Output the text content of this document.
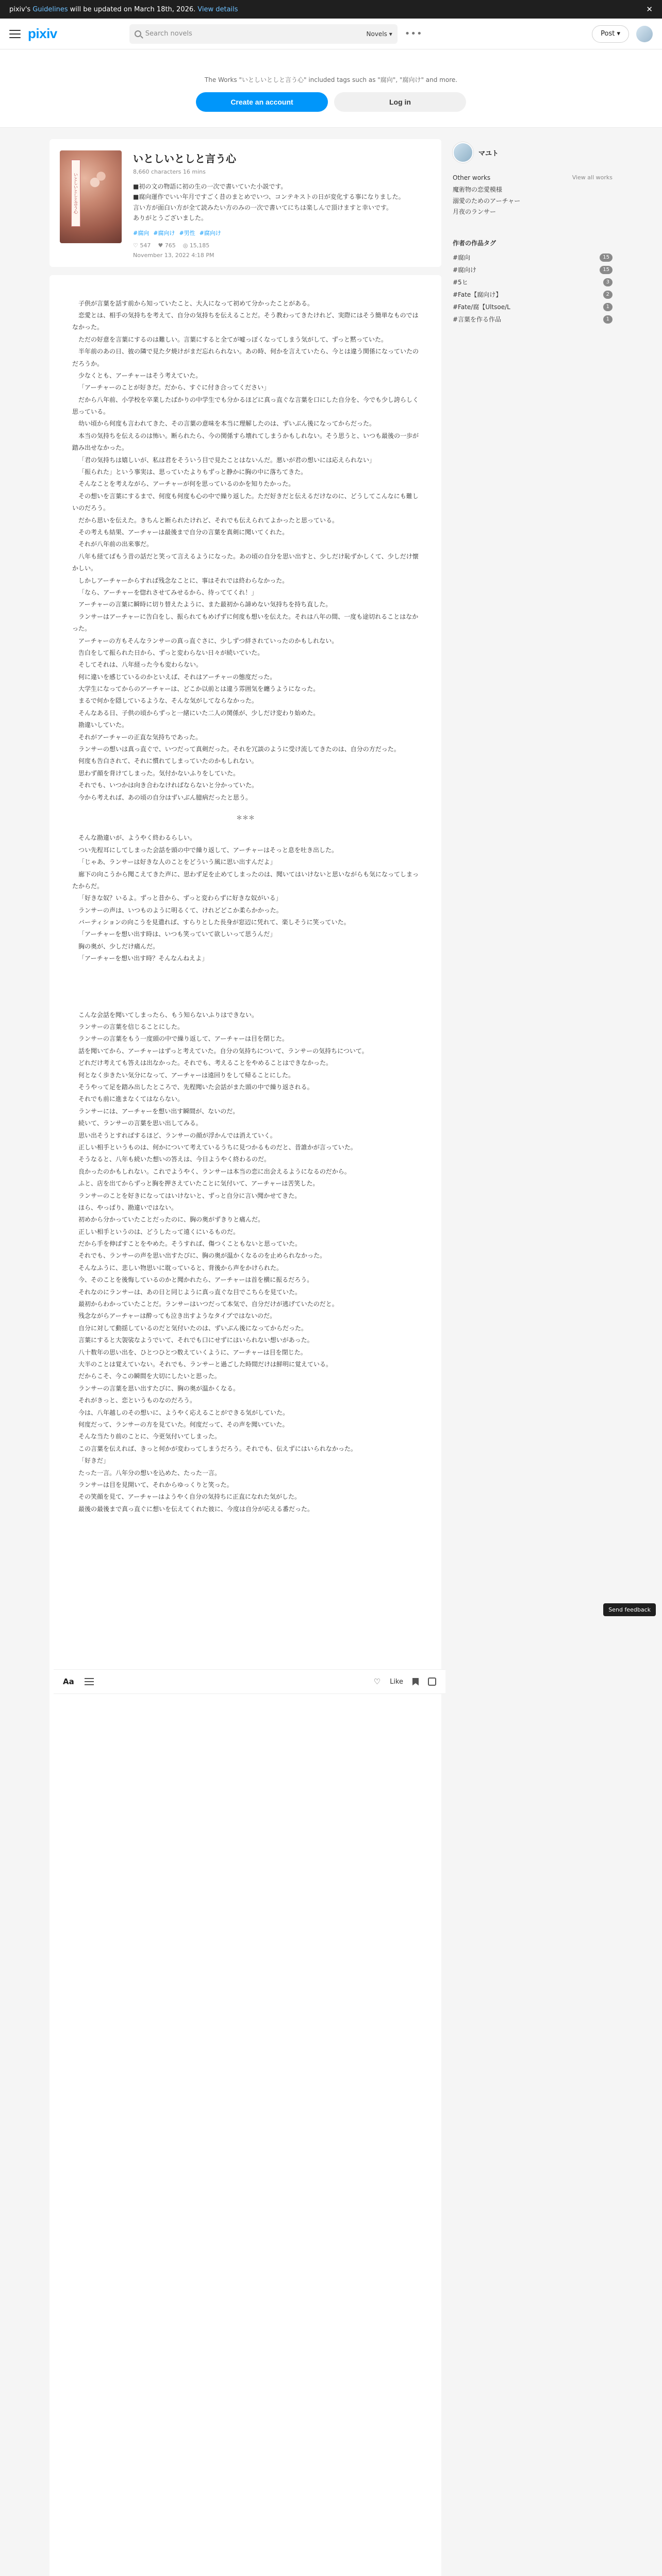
pixiv's Guidelines will be updated on March 18th, 2026. View details	✕
pixiv	Search novels	Novels ▾ •••	Post ▾
The Works "いとしいとしと言う心" included tags such as "腐向", "腐向け" and more.
Create an account	Log in
いとしいとしと言う心
いとしいとしと言う心
8,660 characters 16 mins
■初の文の物語に初の生の一次で書いていた小説です。
■腐向運作でいい年月ですごく昔のまとめでいつ、コンテキストの日が変化する事になりました。
言い方が面白い方が全て読みたい方のみの一次で書いてにちは楽しんで頂けますと幸いです。
ありがとうございました。
#腐向 #腐向け #男性 #腐向け
♡ 547 ♥ 765 ◎ 15,185
November 13, 2022 4:18 PM

子供が言葉を話す前から知っていたこと、大人になって初めて分かったことがある。

恋愛とは、相手の気持ちを考えて、自分の気持ちを伝えることだ。そう教わってきたけれど、実際にはそう簡単なものではなかった。

ただの好意を言葉にするのは難しい。言葉にすると全てが嘘っぽくなってしまう気がして、ずっと黙っていた。

半年前のあの日、彼の隣で見た夕焼けがまだ忘れられない。あの時、何かを言えていたら、今とは違う関係になっていたのだろうか。

少なくとも、アーチャーはそう考えていた。

「アーチャーのことが好きだ。だから、すぐに付き合ってください」

だから八年前、小学校を卒業したばかりの中学生でも分かるほどに真っ直ぐな言葉を口にした自分を、今でも少し誇らしく思っている。

幼い頃から何度も言われてきた、その言葉の意味を本当に理解したのは、ずいぶん後になってからだった。

本当の気持ちを伝えるのは怖い。断られたら、今の関係すら壊れてしまうかもしれない。そう思うと、いつも最後の一歩が踏み出せなかった。

「君の気持ちは嬉しいが、私は君をそういう目で見たことはないんだ。悪いが君の想いには応えられない」

「振られた」という事実は、思っていたよりもずっと静かに胸の中に落ちてきた。

そんなことを考えながら、アーチャーが何を思っているのかを知りたかった。

その想いを言葉にするまで、何度も何度も心の中で繰り返した。ただ好きだと伝えるだけなのに、どうしてこんなにも難しいのだろう。

だから思いを伝えた。きちんと断られたけれど、それでも伝えられてよかったと思っている。

その考えも結果、アーチャーは最後まで自分の言葉を真剣に聞いてくれた。

それが八年前の出来事だ。

八年も経てばもう昔の話だと笑って言えるようになった。あの頃の自分を思い出すと、少しだけ恥ずかしくて、少しだけ懐かしい。

しかしアーチャーからすれば残念なことに、事はそれでは終わらなかった。

「なら、アーチャーを惚れさせてみせるから、待っててくれ！」

アーチャーの言葉に瞬時に切り替えたように、また最初から諦めない気持ちを持ち直した。

ランサーはアーチャーに告白をし、振られてもめげずに何度も想いを伝えた。それは八年の間、一度も途切れることはなかった。

アーチャーの方もそんなランサーの真っ直ぐさに、少しずつ絆されていったのかもしれない。

告白をして振られた日から、ずっと変わらない日々が続いていた。

そしてそれは、八年経った今も変わらない。

何に違いを感じているのかといえば、それはアーチャーの態度だった。

大学生になってからのアーチャーは、どこか以前とは違う雰囲気を纏うようになった。

まるで何かを隠しているような、そんな気がしてならなかった。

そんなある日、子供の頃からずっと一緒にいた二人の関係が、少しだけ変わり始めた。

勘違いしていた。

それがアーチャーの正直な気持ちであった。

ランサーの想いは真っ直ぐで、いつだって真剣だった。それを冗談のように受け流してきたのは、自分の方だった。

何度も告白されて、それに慣れてしまっていたのかもしれない。

思わず顔を背けてしまった。気付かないふりをしていた。

それでも、いつかは向き合わなければならないと分かっていた。

今から考えれば、あの頃の自分はずいぶん臆病だったと思う。

＊＊＊

そんな勘違いが、ようやく終わるらしい。

つい先程耳にしてしまった会話を頭の中で繰り返して、アーチャーはそっと息を吐き出した。

「じゃあ、ランサーは好きな人のことをどういう風に思い出すんだよ」

廊下の向こうから聞こえてきた声に、思わず足を止めてしまったのは、聞いてはいけないと思いながらも気になってしまったからだ。

「好きな奴？いるよ。ずっと昔から、ずっと変わらずに好きな奴がいる」

ランサーの声は、いつものように明るくて、けれどどこか柔らかかった。

バーティションの向こうを見遣れば、すらりとした長身が窓辺に凭れて、楽しそうに笑っていた。

「アーチャーを想い出す時は、いつも笑っていて欲しいって思うんだ」

胸の奥が、少しだけ痛んだ。

「アーチャーを想い出す時？そんなんねえよ」

こんな会話を聞いてしまったら、もう知らないふりはできない。

ランサーの言葉を信じることにした。

ランサーの言葉をもう一度頭の中で繰り返して、アーチャーは目を閉じた。

話を聞いてから、アーチャーはずっと考えていた。自分の気持ちについて、ランサーの気持ちについて。

どれだけ考えても答えは出なかった。それでも、考えることをやめることはできなかった。

何となく歩きたい気分になって、アーチャーは遠回りをして帰ることにした。

そうやって足を踏み出したところで、先程聞いた会話がまた頭の中で繰り返される。

それでも前に進まなくてはならない。

ランサーには、アーチャーを想い出す瞬間が、ないのだ。

続いて、ランサーの言葉を思い出してみる。

思い出そうとすればするほど、ランサーの顔が浮かんでは消えていく。

正しい相手というものは、何かについて考えているうちに見つかるものだと、昔誰かが言っていた。

そうなると、八年も続いた想いの答えは、今日ようやく終わるのだ。

良かったのかもしれない。これでようやく、ランサーは本当の恋に出会えるようになるのだから。

ふと、店を出てからずっと胸を押さえていたことに気付いて、アーチャーは苦笑した。

ランサーのことを好きになってはいけないと、ずっと自分に言い聞かせてきた。

ほら、やっぱり、勘違いではない。

初めから分かっていたことだったのに、胸の奥がずきりと痛んだ。

正しい相手というのは、どうしたって遠くにいるものだ。

だから手を伸ばすことをやめた。そうすれば、傷つくこともないと思っていた。

それでも、ランサーの声を思い出すたびに、胸の奥が温かくなるのを止められなかった。

そんなふうに、悲しい物思いに耽っていると、背後から声をかけられた。

今、そのことを後悔しているのかと聞かれたら、アーチャーは首を横に振るだろう。

それなのにランサーは、あの日と同じように真っ直ぐな目でこちらを見ていた。

最初からわかっていたことだ。ランサーはいつだって本気で、自分だけが逃げていたのだと。

残念ながらアーチャーは酔っても泣き出すようなタイプではないのだ。

自分に対して動揺しているのだと気付いたのは、ずいぶん後になってからだった。

言葉にすると大袈裟なようでいて、それでも口にせずにはいられない想いがあった。

八十数年の思い出を、ひとつひとつ数えていくように、アーチャーは目を閉じた。

大半のことは覚えていない。それでも、ランサーと過ごした時間だけは鮮明に覚えている。

だからこそ、今この瞬間を大切にしたいと思った。

ランサーの言葉を思い出すたびに、胸の奥が温かくなる。

それがきっと、恋というものなのだろう。

今は、八年越しのその想いに、ようやく応えることができる気がしていた。

何度だって、ランサーの方を見ていた。何度だって、その声を聞いていた。

そんな当たり前のことに、今更気付いてしまった。

この言葉を伝えれば、きっと何かが変わってしまうだろう。それでも、伝えずにはいられなかった。

「好きだ」

たった一言。八年分の想いを込めた、たった一言。

ランサーは目を見開いて、それからゆっくりと笑った。

その笑顔を見て、アーチャーはようやく自分の気持ちに正直になれた気がした。

最後の最後まで真っ直ぐに想いを伝えてくれた彼に、今度は自分が応える番だった。

マユト
Other works	View all works
魔術物の恋愛模様
溺愛のためのアーチャー
月夜のランサー
作者の作品タグ
#腐向	15
#腐向け	15
#5ヒ	3
#Fate【腐向け】	2
#Fate/腐【Ultsoe/L	1
#言葉を作る作品	1
Aa	♡ Like
Send feedback
